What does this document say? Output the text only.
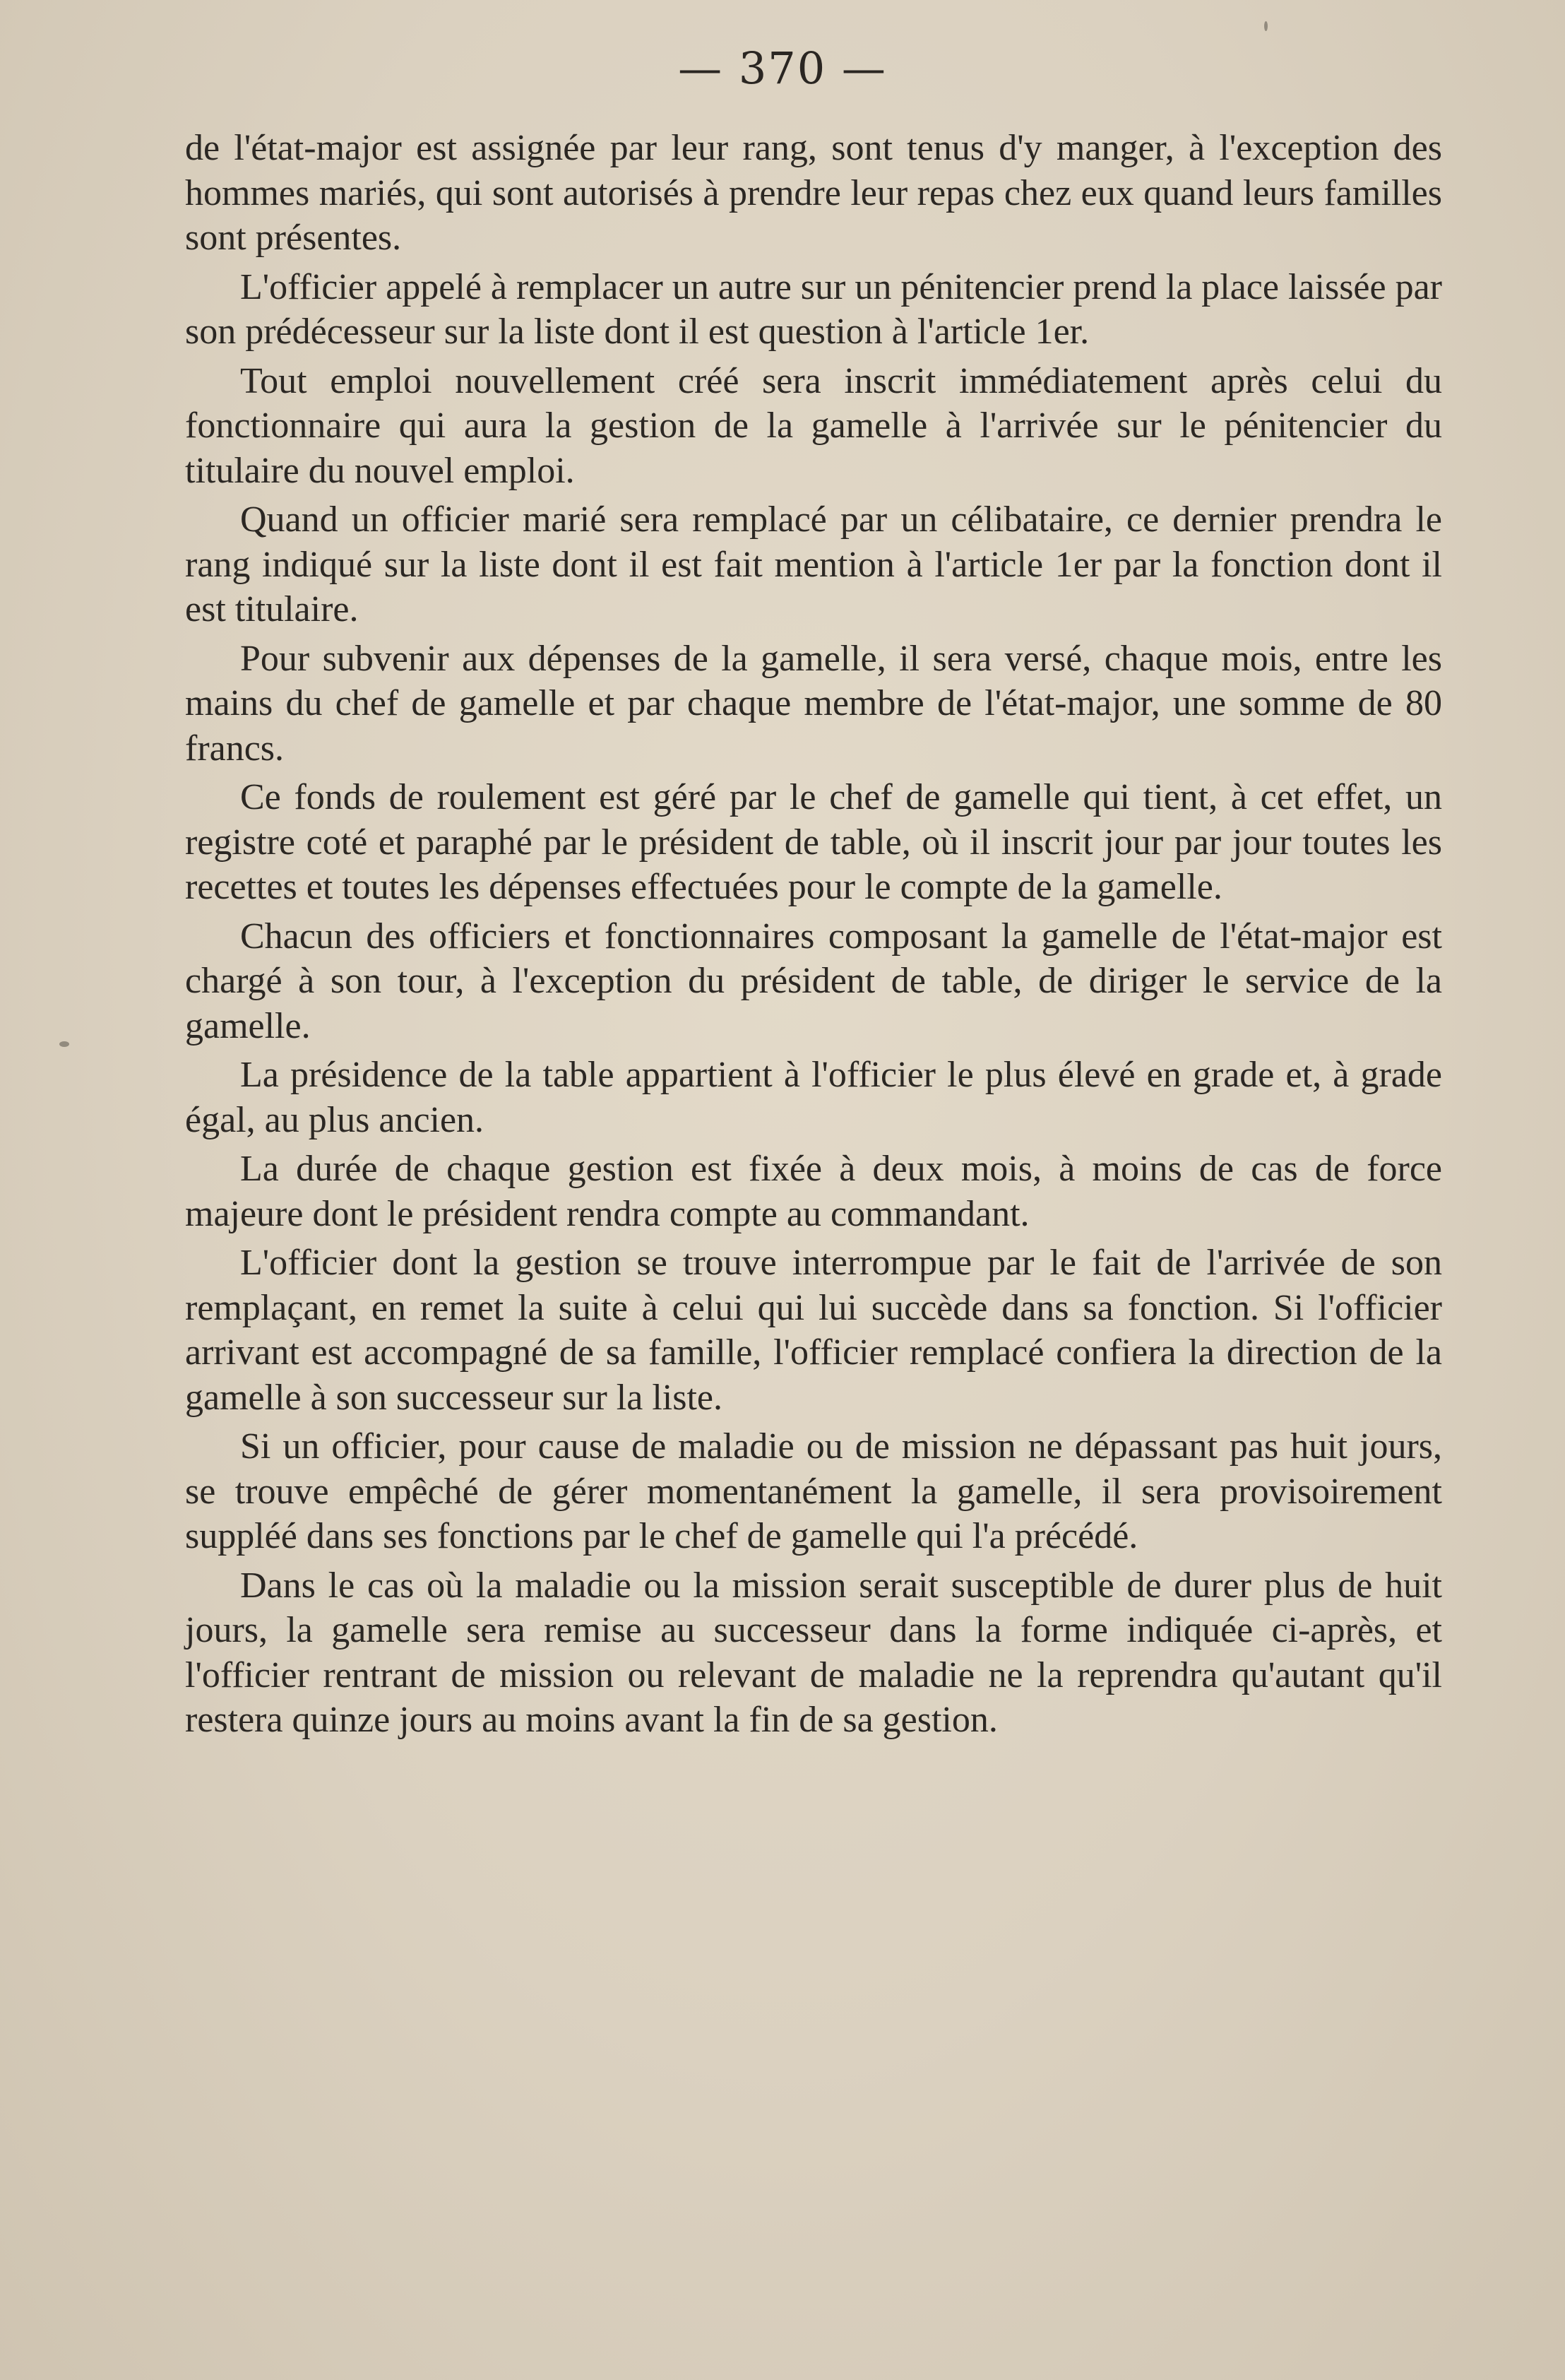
— 370 —

de l'état-major est assignée par leur rang, sont tenus d'y manger, à l'exception des hommes mariés, qui sont autorisés à prendre leur repas chez eux quand leurs familles sont présentes.

L'officier appelé à remplacer un autre sur un pénitencier prend la place laissée par son prédécesseur sur la liste dont il est question à l'article 1er.

Tout emploi nouvellement créé sera inscrit immédiatement après celui du fonctionnaire qui aura la gestion de la gamelle à l'arrivée sur le pénitencier du titulaire du nouvel emploi.

Quand un officier marié sera remplacé par un célibataire, ce dernier prendra le rang indiqué sur la liste dont il est fait mention à l'article 1er par la fonction dont il est titulaire.

Pour subvenir aux dépenses de la gamelle, il sera versé, chaque mois, entre les mains du chef de gamelle et par chaque membre de l'état-major, une somme de 80 francs.

Ce fonds de roulement est géré par le chef de gamelle qui tient, à cet effet, un registre coté et paraphé par le président de table, où il inscrit jour par jour toutes les recettes et toutes les dépenses effectuées pour le compte de la gamelle.

Chacun des officiers et fonctionnaires composant la gamelle de l'état-major est chargé à son tour, à l'exception du président de table, de diriger le service de la gamelle.

La présidence de la table appartient à l'officier le plus élevé en grade et, à grade égal, au plus ancien.

La durée de chaque gestion est fixée à deux mois, à moins de cas de force majeure dont le président rendra compte au commandant.

L'officier dont la gestion se trouve interrompue par le fait de l'arrivée de son remplaçant, en remet la suite à celui qui lui succède dans sa fonction. Si l'officier arrivant est accompagné de sa famille, l'officier remplacé confiera la direction de la gamelle à son successeur sur la liste.

Si un officier, pour cause de maladie ou de mission ne dépassant pas huit jours, se trouve empêché de gérer momentanément la gamelle, il sera provisoirement suppléé dans ses fonctions par le chef de gamelle qui l'a précédé.

Dans le cas où la maladie ou la mission serait susceptible de durer plus de huit jours, la gamelle sera remise au successeur dans la forme indiquée ci-après, et l'officier rentrant de mission ou relevant de maladie ne la reprendra qu'autant qu'il restera quinze jours au moins avant la fin de sa gestion.
